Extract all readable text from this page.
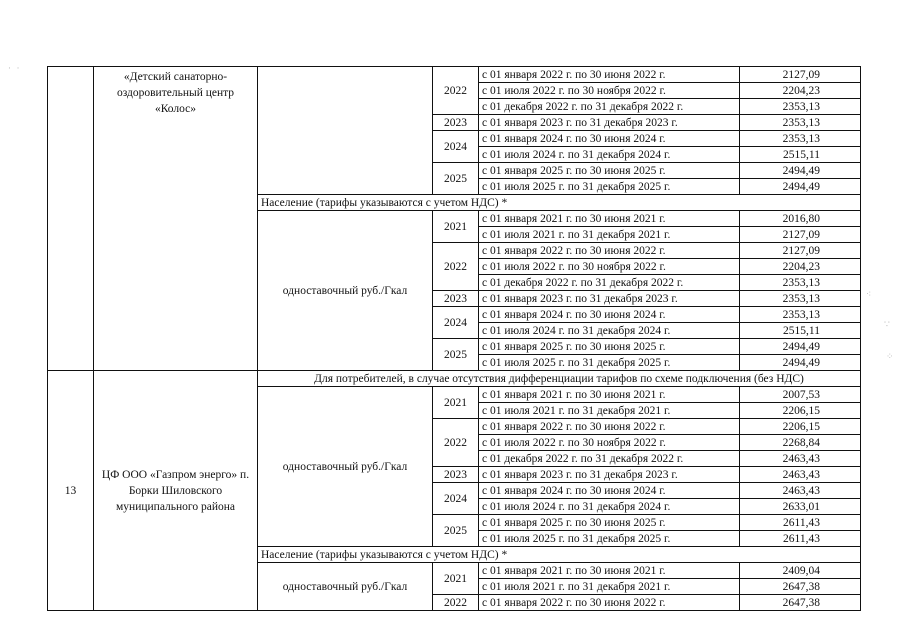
·  ·
⁖
∵
⁘
	«Детский санаторно-оздоровительный центр «Колос»		2022	с 01 января 2022 г. по 30 июня 2022 г.	2127,09
				с 01 июля 2022 г. по 30 ноября 2022 г.	2204,23
				с 01 декабря 2022 г. по 31 декабря 2022 г.	2353,13
			2023	с 01 января 2023 г. по 31 декабря 2023 г.	2353,13
			2024	с 01 января 2024 г. по 30 июня 2024 г.	2353,13
				с 01 июля 2024 г. по 31 декабря 2024 г.	2515,11
			2025	с 01 января 2025 г. по 30 июня 2025 г.	2494,49
				с 01 июля 2025 г. по 31 декабря 2025 г.	2494,49
		Население (тарифы указываются с учетом НДС) *			
		одноставочный руб./Гкал	2021	с 01 января 2021 г. по 30 июня 2021 г.	2016,80
				с 01 июля 2021 г. по 31 декабря 2021 г.	2127,09
			2022	с 01 января 2022 г. по 30 июня 2022 г.	2127,09
				с 01 июля 2022 г. по 30 ноября 2022 г.	2204,23
				с 01 декабря 2022 г. по 31 декабря 2022 г.	2353,13
			2023	с 01 января 2023 г. по 31 декабря 2023 г.	2353,13
			2024	с 01 января 2024 г. по 30 июня 2024 г.	2353,13
				с 01 июля 2024 г. по 31 декабря 2024 г.	2515,11
			2025	с 01 января 2025 г. по 30 июня 2025 г.	2494,49
				с 01 июля 2025 г. по 31 декабря 2025 г.	2494,49
13	ЦФ ООО «Газпром энерго» п. Борки Шиловского муниципального района	Для потребителей, в случае отсутствия дифференциации тарифов по схеме подключения (без НДС)			
		одноставочный руб./Гкал	2021	с 01 января 2021 г. по 30 июня 2021 г.	2007,53
				с 01 июля 2021 г. по 31 декабря 2021 г.	2206,15
			2022	с 01 января 2022 г. по 30 июня 2022 г.	2206,15
				с 01 июля 2022 г. по 30 ноября 2022 г.	2268,84
				с 01 декабря 2022 г. по 31 декабря 2022 г.	2463,43
			2023	с 01 января 2023 г. по 31 декабря 2023 г.	2463,43
			2024	с 01 января 2024 г. по 30 июня 2024 г.	2463,43
				с 01 июля 2024 г. по 31 декабря 2024 г.	2633,01
			2025	с 01 января 2025 г. по 30 июня 2025 г.	2611,43
				с 01 июля 2025 г. по 31 декабря 2025 г.	2611,43
		Население (тарифы указываются с учетом НДС) *			
		одноставочный руб./Гкал	2021	с 01 января 2021 г. по 30 июня 2021 г.	2409,04
				с 01 июля 2021 г. по 31 декабря 2021 г.	2647,38
			2022	с 01 января 2022 г. по 30 июня 2022 г.	2647,38
